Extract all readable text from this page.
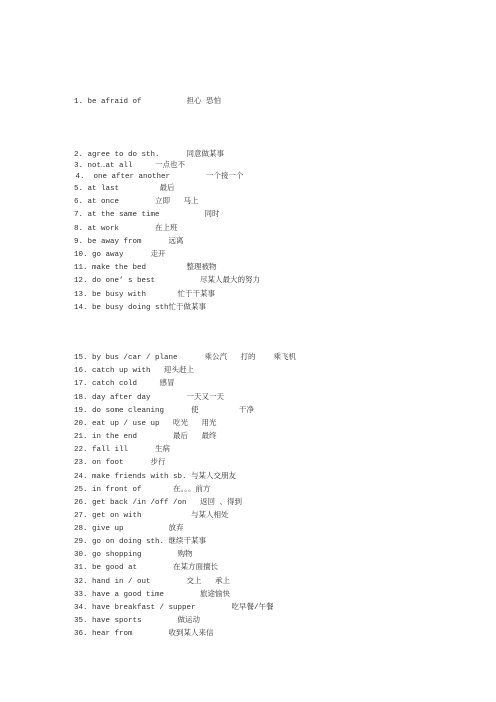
1. be afraid of          担心 恐怕
2. agree to do sth.      同意做某事
3. not…at all     一点也不
4.  one after another        一个接一个
5. at last         最后
6. at once        立即   马上
7. at the same time          同时
8. at work        在上班
9. be away from      远离
10. go away      走开
11. make the bed         整理被物
12. do one’ s best          尽某人最大的努力
13. be busy with       忙于干某事
14. be busy doing sth忙于做某事
15. by bus /car / plane      乘公汽   打的    乘飞机
16. catch up with   迎头赶上
17. catch cold     感冒
18. day after day        一天又一天
19. do some cleaning      使         干净
20. eat up / use up   吃光   用光
21. in the end        最后   最终
22. fall ill      生病
23. on foot      步行
24. make friends with sb. 与某人交朋友
25. in front of       在。。。前方
26. get back /in /off /on   返回 、得到
27. get on with           与某人相处
28. give up          放弃
29. go on doing sth. 继续干某事
30. go shopping        购物
31. be good at        在某方面擅长
32. hand in / out        交上   承上
33. have a good time        旅途愉快
34. have breakfast / supper        吃早餐/午餐
35. have sports        做运动
36. hear from        收到某人来信
